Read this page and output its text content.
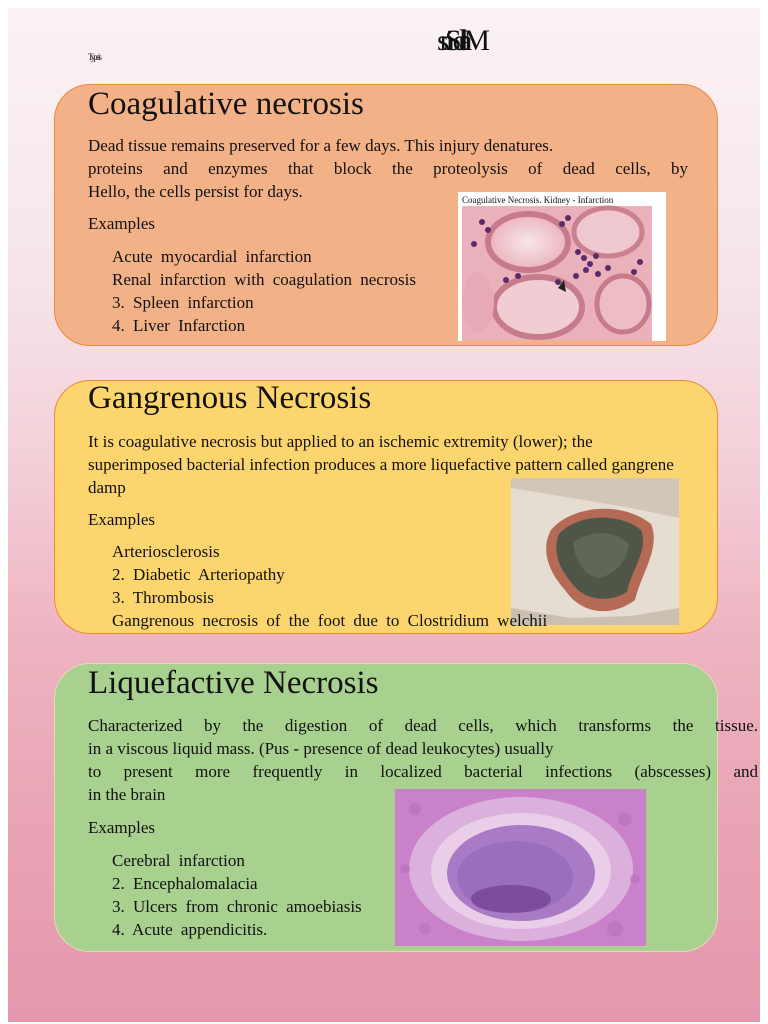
sniSdlraM
Typeis
Coagulative necrosis
Dead tissue remains preserved for a few days. This injury denatures.
proteins and enzymes that block the proteolysis of dead cells, by
Hello, the cells persist for days.
Examples
Acute myocardial infarction
Renal infarction with coagulation necrosis
3. Spleen infarction
4. Liver Infarction
Coagulative Necrosis. Kidney - Infarction
Gangrenous Necrosis
It is coagulative necrosis but applied to an ischemic extremity (lower); the
superimposed bacterial infection produces a more liquefactive pattern called gangrene
damp
Examples
Arteriosclerosis
2. Diabetic Arteriopathy
3. Thrombosis
Gangrenous necrosis of the foot due to Clostridium welchii
Liquefactive Necrosis
Characterized by the digestion of dead cells, which transforms the tissue.
in a viscous liquid mass. (Pus - presence of dead leukocytes) usually
to present more frequently in localized bacterial infections (abscesses) and
in the brain
Examples
Cerebral infarction
2. Encephalomalacia
3. Ulcers from chronic amoebiasis
4. Acute appendicitis.
